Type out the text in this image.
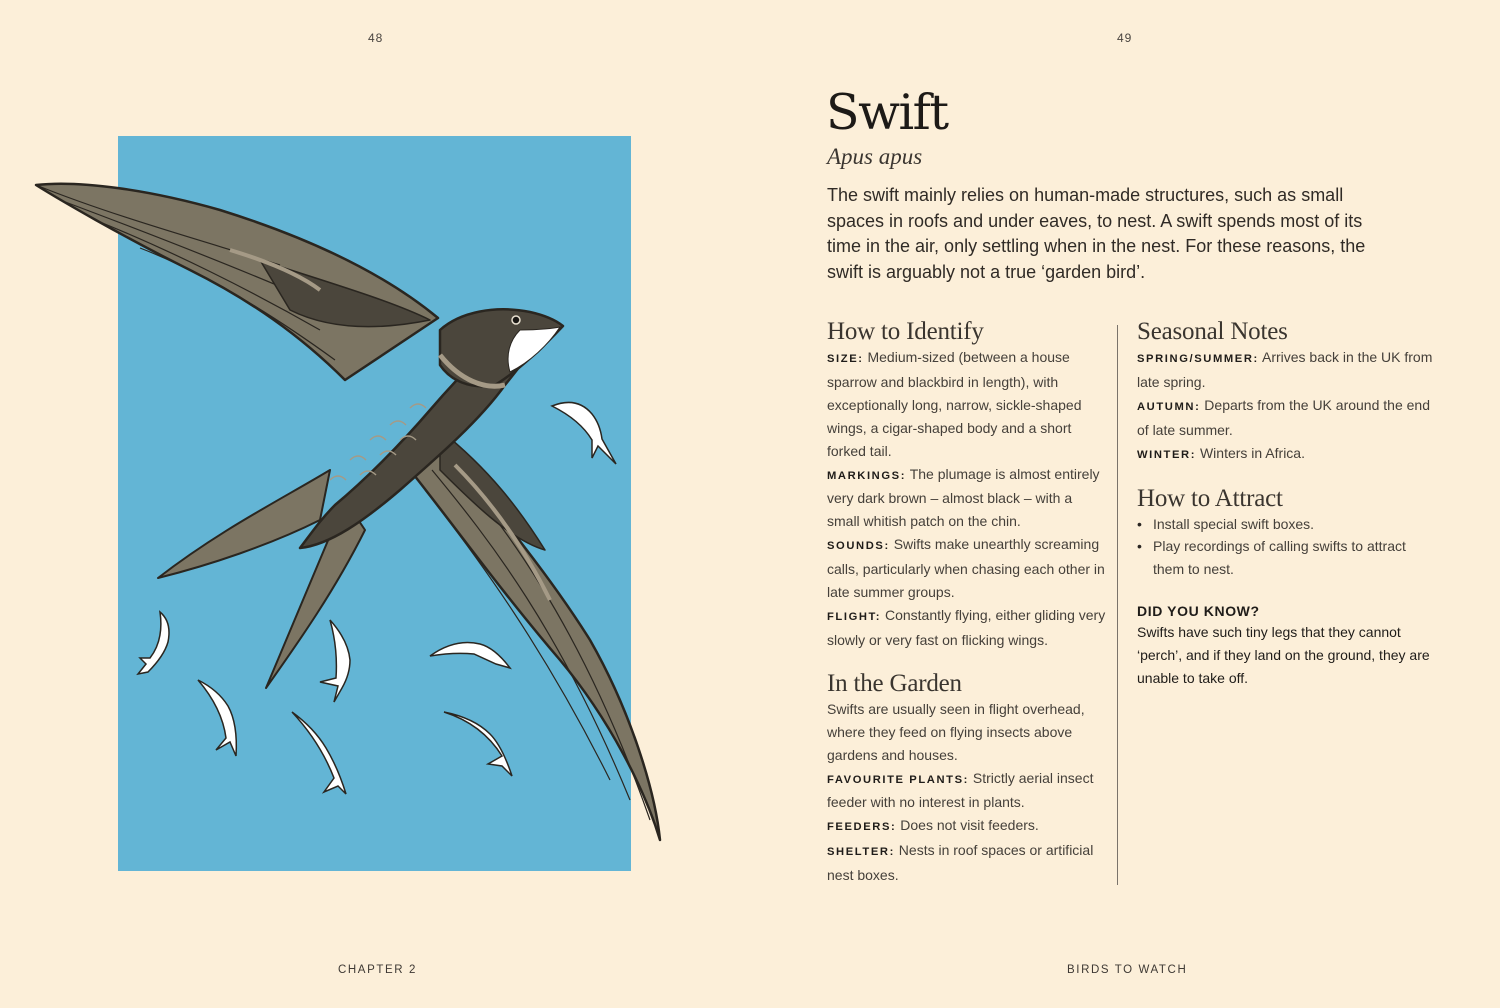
48	49
Swift
Apus apus

The swift mainly relies on human-made structures, such as small spaces in roofs and under eaves, to nest. A swift spends most of its time in the air, only settling when in the nest. For these reasons, the swift is arguably not a true ‘garden bird’.

How to Identify

SIZE: Medium-sized (between a house sparrow and blackbird in length), with exceptionally long, narrow, sickle-shaped wings, a cigar-shaped body and a short forked tail.

MARKINGS: The plumage is almost entirely very dark brown – almost black – with a small whitish patch on the chin.

SOUNDS: Swifts make unearthly screaming calls, particularly when chasing each other in late summer groups.

FLIGHT: Constantly flying, either gliding very slowly or very fast on flicking wings.

In the Garden

Swifts are usually seen in flight overhead, where they feed on flying insects above gardens and houses.

FAVOURITE PLANTS: Strictly aerial insect feeder with no interest in plants.

FEEDERS: Does not visit feeders.

SHELTER: Nests in roof spaces or artificial nest boxes.

Seasonal Notes

SPRING/SUMMER: Arrives back in the UK from late spring.

AUTUMN: Departs from the UK around the end of late summer.

WINTER: Winters in Africa.

How to Attract
• Install special swift boxes.
• Play recordings of calling swifts to attract them to nest.
DID YOU KNOW?

Swifts have such tiny legs that they cannot ‘perch’, and if they land on the ground, they are unable to take off.

CHAPTER 2	BIRDS TO WATCH
